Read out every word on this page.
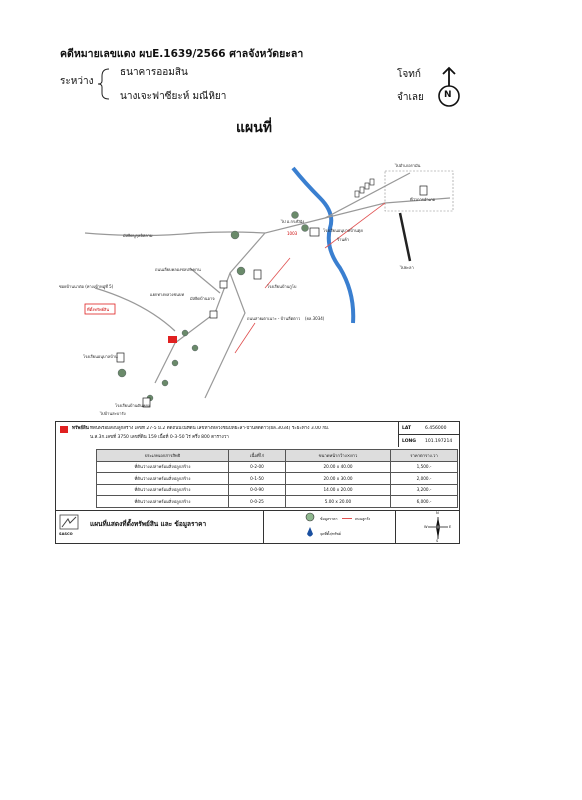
คดีหมายเลขแดง ผบE.1639/2566 ศาลจังหวัดยะลา
ระหว่าง
ธนาคารออมสิน
นางเจะฟาซียะห์ มณีหิยา
โจทก์
จำเลย N
แผนที่
ไปอำเภอรามัน
ที่ว่าการอำเภอ
ไปยะลา
โรงเรียนอนุบาลบ้านตุย
ร้านค้า
มัสยิดนูรุลอิสลาม
ถนนเลียบคลองชลประทาน
แยกทางหลวงชนบท
โรงเรียนบ้านกูโบ
ถนนสายเตาเนาะ - บ้านลีตตาว (ยล.3034)
มัสยิดบ้านอาจ
ซอยบ้านนาต่อ (ทางเข้าหมู่ที่ 5)
ที่ตั้งทรัพย์สิน
โรงเรียนอนุบาลบ้าน
โรงเรียนบ้านตันหยง
ไปบ้านสะบารัง
1003
ไป อ.กรงปินัง
ทรัพย์สิน ที่ดินพร้อมสิ่งปลูกสร้าง เลขที่ 27-5 ม.2 ติดถนนในที่ดิน เลขทางหลวงชนบทยะลา-บ้านลีตตาว(ยล.3034) ระยะทาง 3.00 กม.
น.ส.3ก.เลขที่ 3750 เลขที่ดิน 159 เนื้อที่ 0-3-50 ไร่ ครึ่ง 800 ตารางวา
LAT	6.456000
LONG 101.197214
ประเภทเอกสารสิทธิ	เนื้อที่ไร่	ขนาดหน้ากว้าง×ยาว	ราคาตาราง.วา
ที่ดินว่างเปล่าพร้อมสิ่งปลูกสร้าง	0-2-00	20.00 x 40.00	1,500.-
ที่ดินว่างเปล่าพร้อมสิ่งปลูกสร้าง	0-1-50	20.00 x 30.00	2,000.-
ที่ดินว่างเปล่าพร้อมสิ่งปลูกสร้าง	0-0-90	14.00 x 20.00	3,200.-
ที่ดินว่างเปล่าพร้อมสิ่งปลูกสร้าง	0-0-25	5.00 x 20.00	6,000.-
SASCO
แผนที่แสดงที่ตั้งทรัพย์สิน และ ข้อมูลราคา
ข้อมูลราคา	ถนนลูกรัง
จุดที่ตั้ง/ทรัพย์
N
W	E
S
